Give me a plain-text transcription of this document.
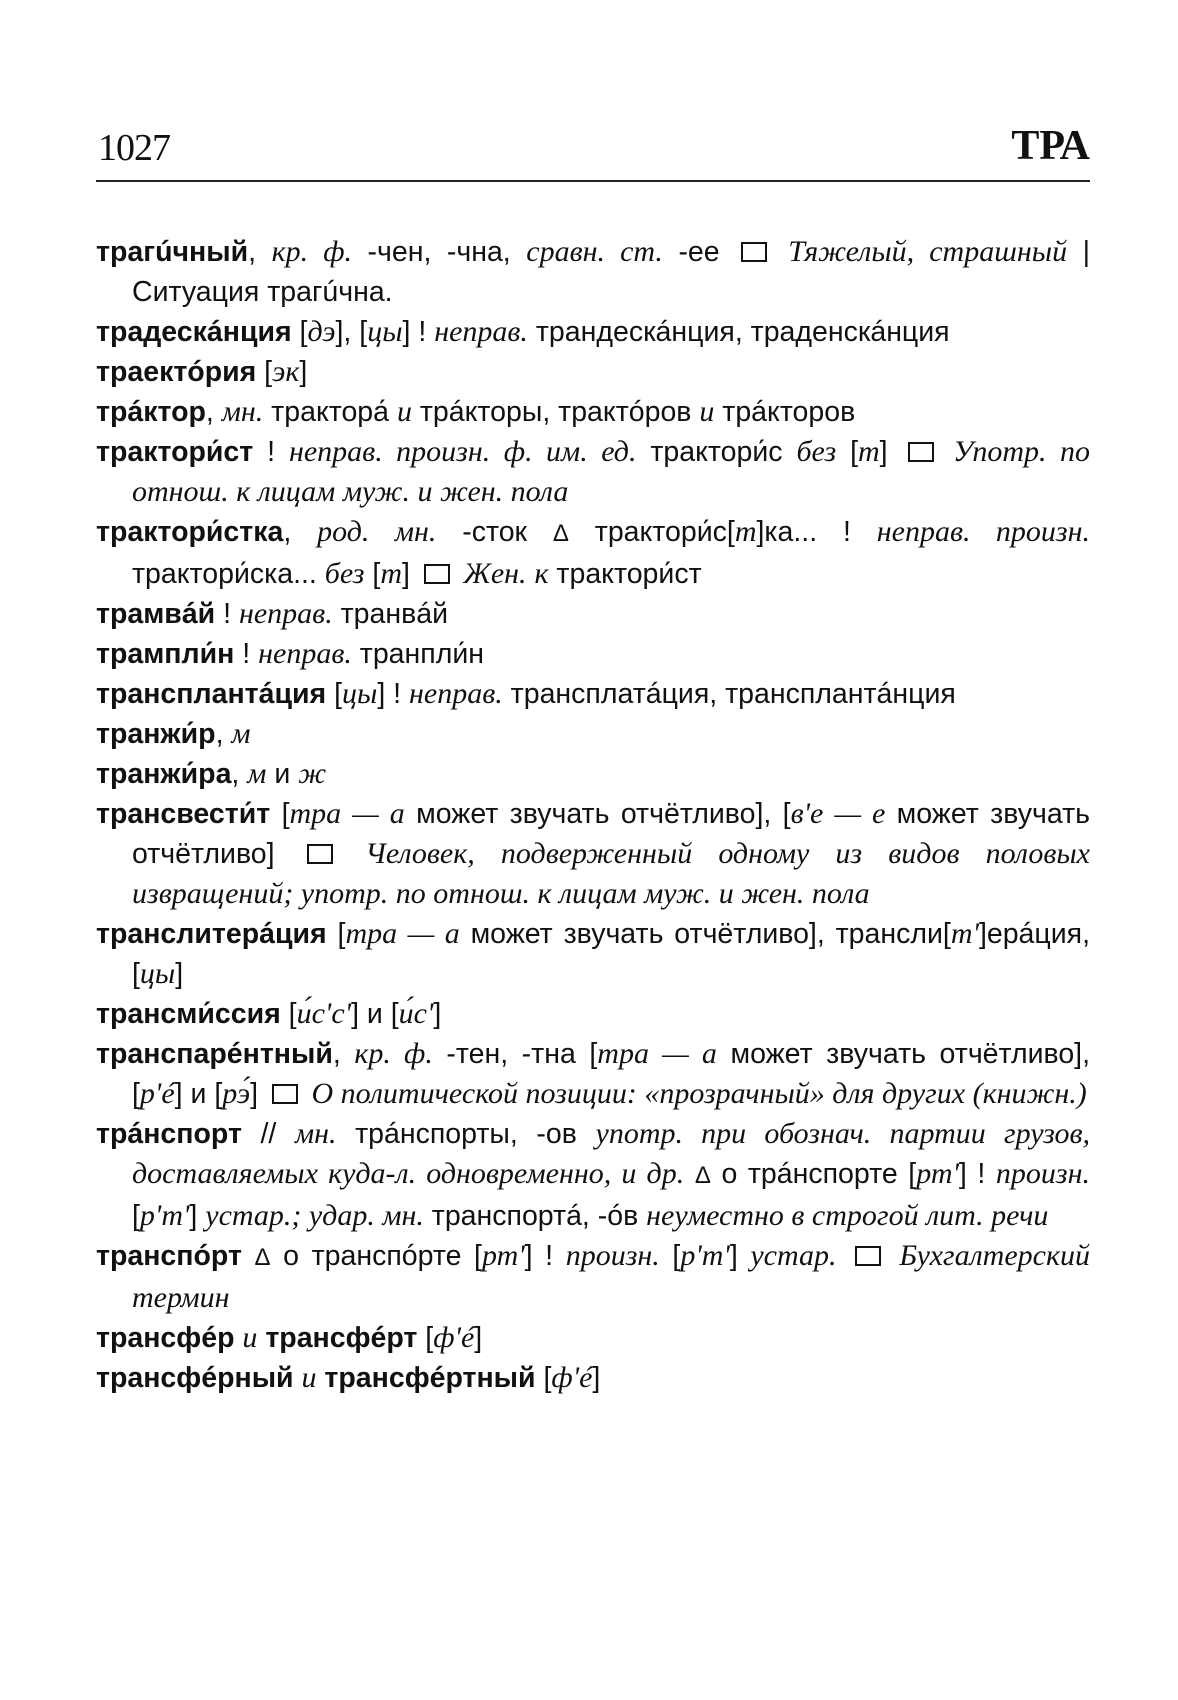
1027	ТРА
трагúчный, кр. ф. -чен, -чна, сравн. ст. -ее  Тяжелый, страшный | Ситуация трагúчна.
традескáнция [дэ], [цы] ! неправ. трандескáнция, траденскáнция
траектóрия [эк]
трáктор, мн. трактора́ и трáкторы, трактóров и трáкторов
трактори́ст ! неправ. произн. ф. им. ед. трактори́с без [т]  Употр. по отнош. к лицам муж. и жен. пола
трактори́стка, род. мн. -сток Δ трактори́с[т]ка... ! неправ. произн. трактори́ска... без [т]  Жен. к трактори́ст
трамвáй ! неправ. транвáй
трампли́н ! неправ. транпли́н
трансплантáция [цы] ! неправ. трансплатáция, трансплантáнция
транжи́р, м
транжи́ра, м и ж
трансвести́т [тра — а может звучать отчётливо], [в'е — е может звучать отчётливо]  Человек, подверженный одному из видов половых извращений; употр. по отнош. к лицам муж. и жен. пола
транслитерáция [тра — а может звучать отчётливо], трансли[т']ерáция, [цы]
трансми́ссия [и́с'с'] и [и́с']
транспарéнтный, кр. ф. -тен, -тна [тра — а может звучать отчётливо], [р'é] и [рэ́]  О политической позиции: «прозрачный» для других (книжн.)
трáнспорт // мн. трáнспорты, -ов употр. при обознач. партии грузов, доставляемых куда-л. одновременно, и др. Δ о трáнспорте [рт'] ! произн. [р'т'] устар.; удар. мн. транспортá, -óв неуместно в строгой лит. речи
транспóрт Δ о транспóрте [рт'] ! произн. [р'т'] устар.  Бухгалтерский термин
трансфéр и трансфéрт [ф'é]
трансфéрный и трансфéртный [ф'é]
